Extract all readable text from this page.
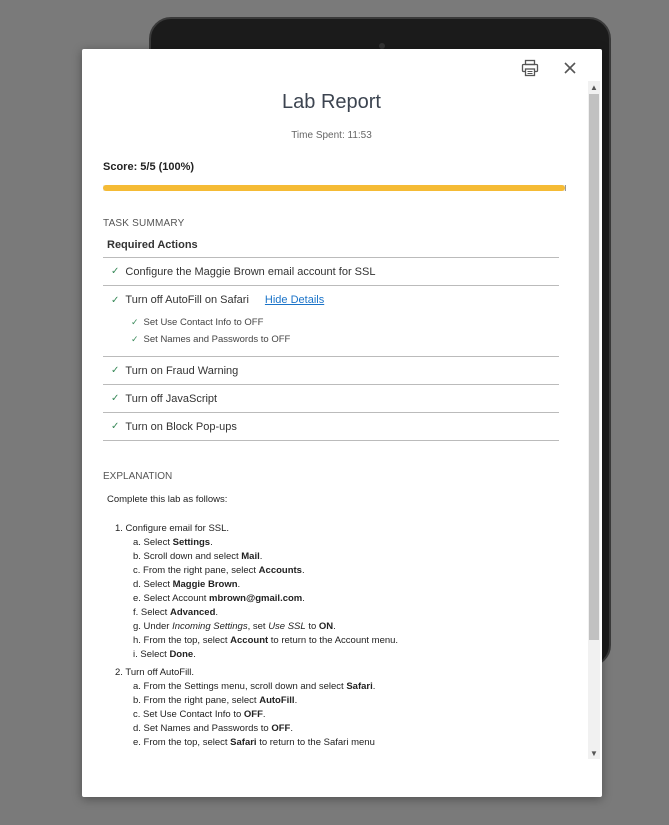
Lab Report
Time Spent: 11:53
Score: 5/5 (100%)
TASK SUMMARY
Required Actions
✓ Configure the Maggie Brown email account for SSL
✓ Turn off AutoFill on Safari Hide Details
✓ Set Use Contact Info to OFF
✓ Set Names and Passwords to OFF
✓ Turn on Fraud Warning
✓ Turn off JavaScript
✓ Turn on Block Pop-ups
EXPLANATION
Complete this lab as follows:
1. Configure email for SSL.
a. Select Settings.
b. Scroll down and select Mail.
c. From the right pane, select Accounts.
d. Select Maggie Brown.
e. Select Account mbrown@gmail.com.
f. Select Advanced.
g. Under Incoming Settings, set Use SSL to ON.
h. From the top, select Account to return to the Account menu.
i. Select Done.
2. Turn off AutoFill.
a. From the Settings menu, scroll down and select Safari.
b. From the right pane, select AutoFill.
c. Set Use Contact Info to OFF.
d. Set Names and Passwords to OFF.
e. From the top, select Safari to return to the Safari menu
▲
▼
